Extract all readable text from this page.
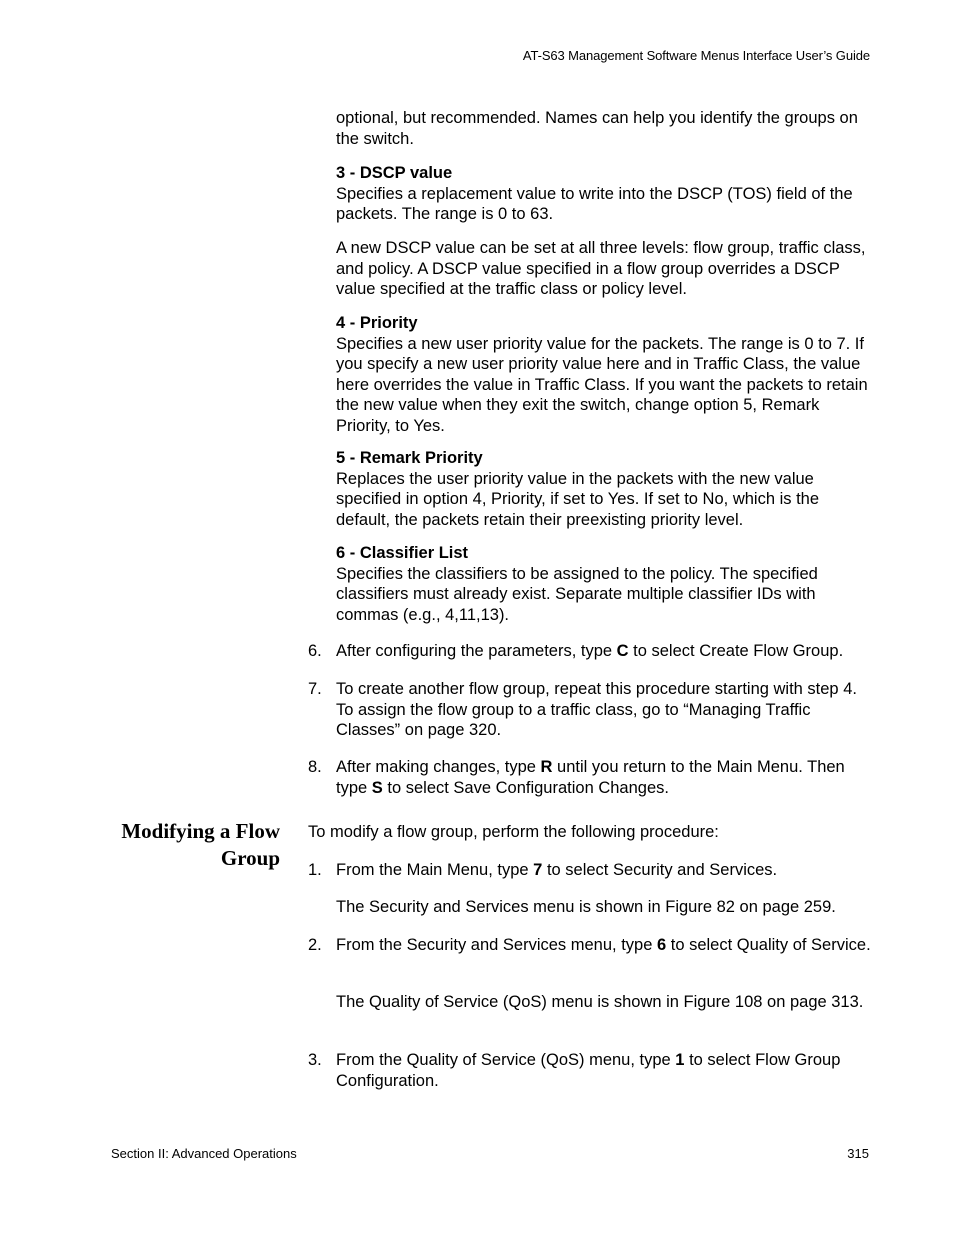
AT-S63 Management Software Menus Interface User’s Guide
optional, but recommended. Names can help you identify the groups on the switch.
3 - DSCP value
Specifies a replacement value to write into the DSCP (TOS) field of the packets. The range is 0 to 63.
A new DSCP value can be set at all three levels: flow group, traffic class, and policy. A DSCP value specified in a flow group overrides a DSCP value specified at the traffic class or policy level.
4 - Priority
Specifies a new user priority value for the packets. The range is 0 to 7. If you specify a new user priority value here and in Traffic Class, the value here overrides the value in Traffic Class. If you want the packets to retain the new value when they exit the switch, change option 5, Remark Priority, to Yes.
5 - Remark Priority
Replaces the user priority value in the packets with the new value specified in option 4, Priority, if set to Yes. If set to No, which is the default, the packets retain their preexisting priority level.
6 - Classifier List
Specifies the classifiers to be assigned to the policy. The specified classifiers must already exist. Separate multiple classifier IDs with commas (e.g., 4,11,13).
6. After configuring the parameters, type C to select Create Flow Group.
7. To create another flow group, repeat this procedure starting with step 4. To assign the flow group to a traffic class, go to “Managing Traffic Classes” on page 320.
8. After making changes, type R until you return to the Main Menu. Then type S to select Save Configuration Changes.
Modifying a Flow
Group
To modify a flow group, perform the following procedure:
1. From the Main Menu, type 7 to select Security and Services.
The Security and Services menu is shown in Figure 82 on page 259.
2. From the Security and Services menu, type 6 to select Quality of Service.
The Quality of Service (QoS) menu is shown in Figure 108 on page 313.
3. From the Quality of Service (QoS) menu, type 1 to select Flow Group Configuration.
Section II: Advanced Operations	315
